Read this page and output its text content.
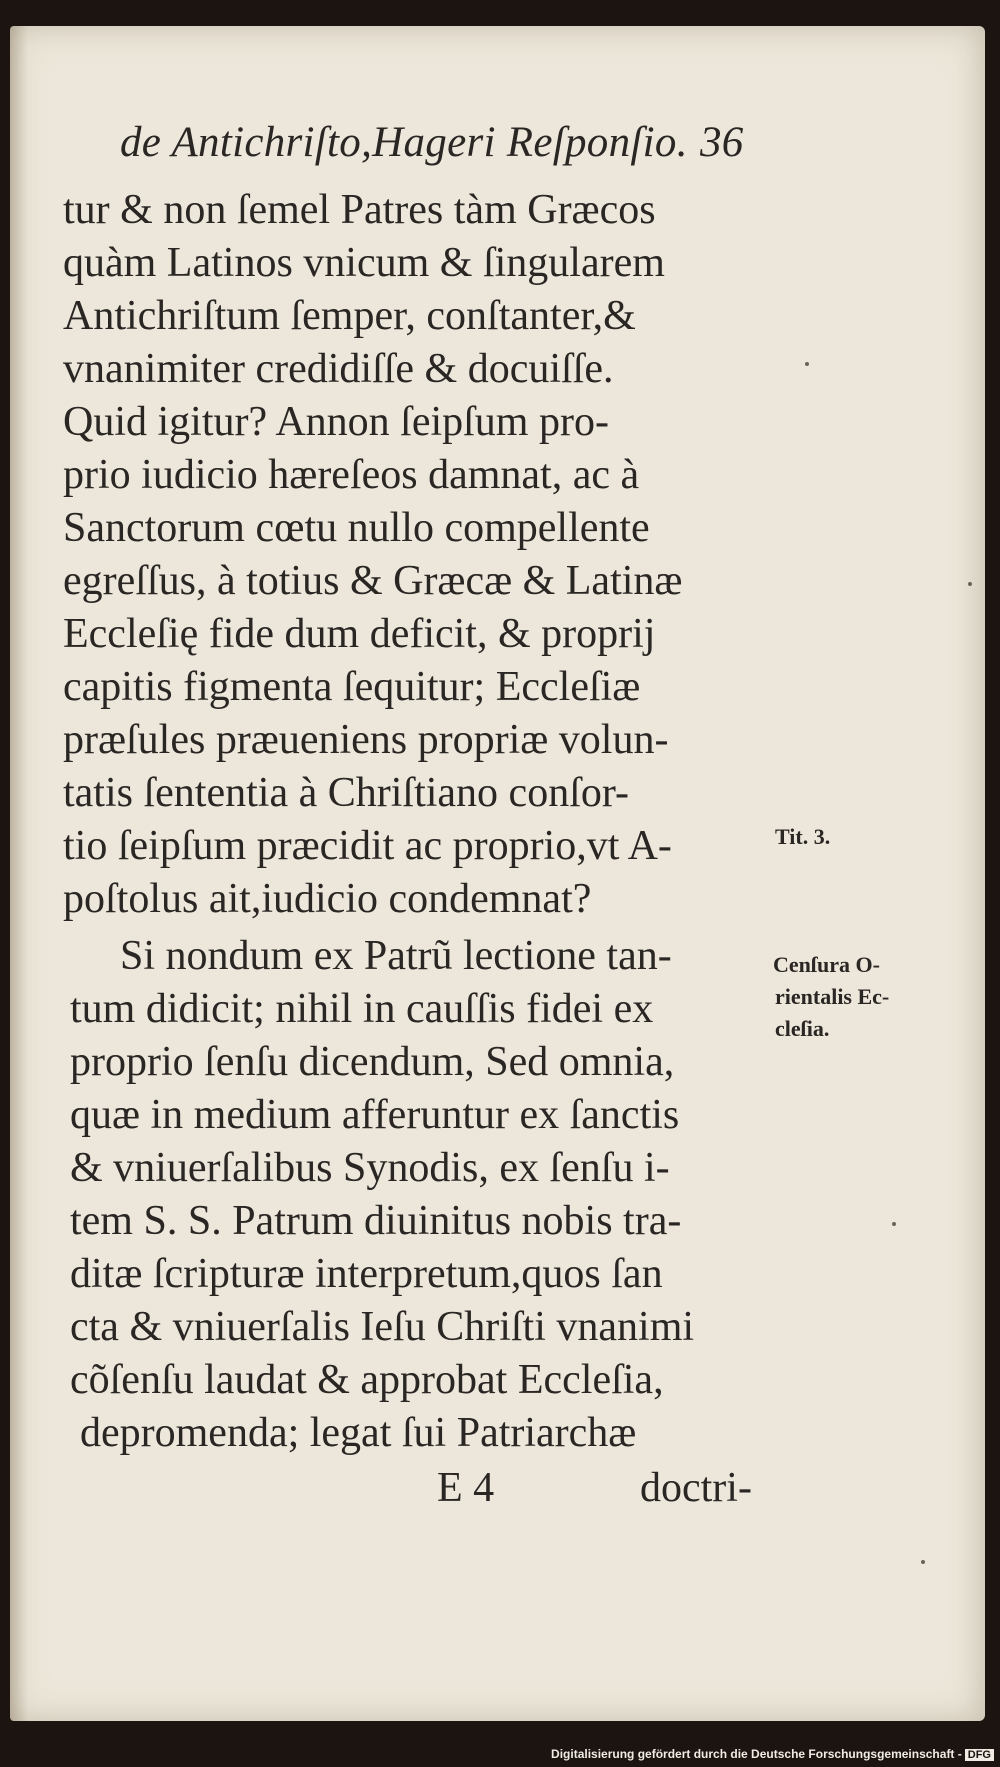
de Antichriſto,Hageri Reſponſio. 36
tur & non ſemel Patres tàm Græcos
quàm Latinos vnicum & ſingularem
Antichriſtum ſemper, conſtanter,&
vnanimiter credidiſſe & docuiſſe.
Quid igitur? Annon ſeipſum pro-
prio iudicio hæreſeos damnat, ac à
Sanctorum cœtu nullo compellente
egreſſus, à totius & Græcæ & Latinæ
Eccleſię fide dum deficit, & proprij
capitis figmenta ſequitur; Eccleſiæ
præſules præueniens propriæ volun-
tatis ſententia à Chriſtiano conſor-
tio ſeipſum præcidit ac proprio,vt A-
poſtolus ait,iudicio condemnat?
Si nondum ex Patrũ lectione tan-
tum didicit; nihil in cauſſis fidei ex
proprio ſenſu dicendum, Sed omnia,
quæ in medium afferuntur ex ſanctis
& vniuerſalibus Synodis, ex ſenſu i-
tem S. S. Patrum diuinitus nobis tra-
ditæ ſcripturæ interpretum,quos ſan
cta & vniuerſalis Ieſu Chriſti vnanimi
cõſenſu laudat & approbat Eccleſia,
depromenda; legat ſui Patriarchæ
Tit. 3.
Cenſura O-
rientalis Ec-
cleſia.
E 4	doctri-
Digitalisierung gefördert durch die Deutsche Forschungsgemeinschaft - DFG
